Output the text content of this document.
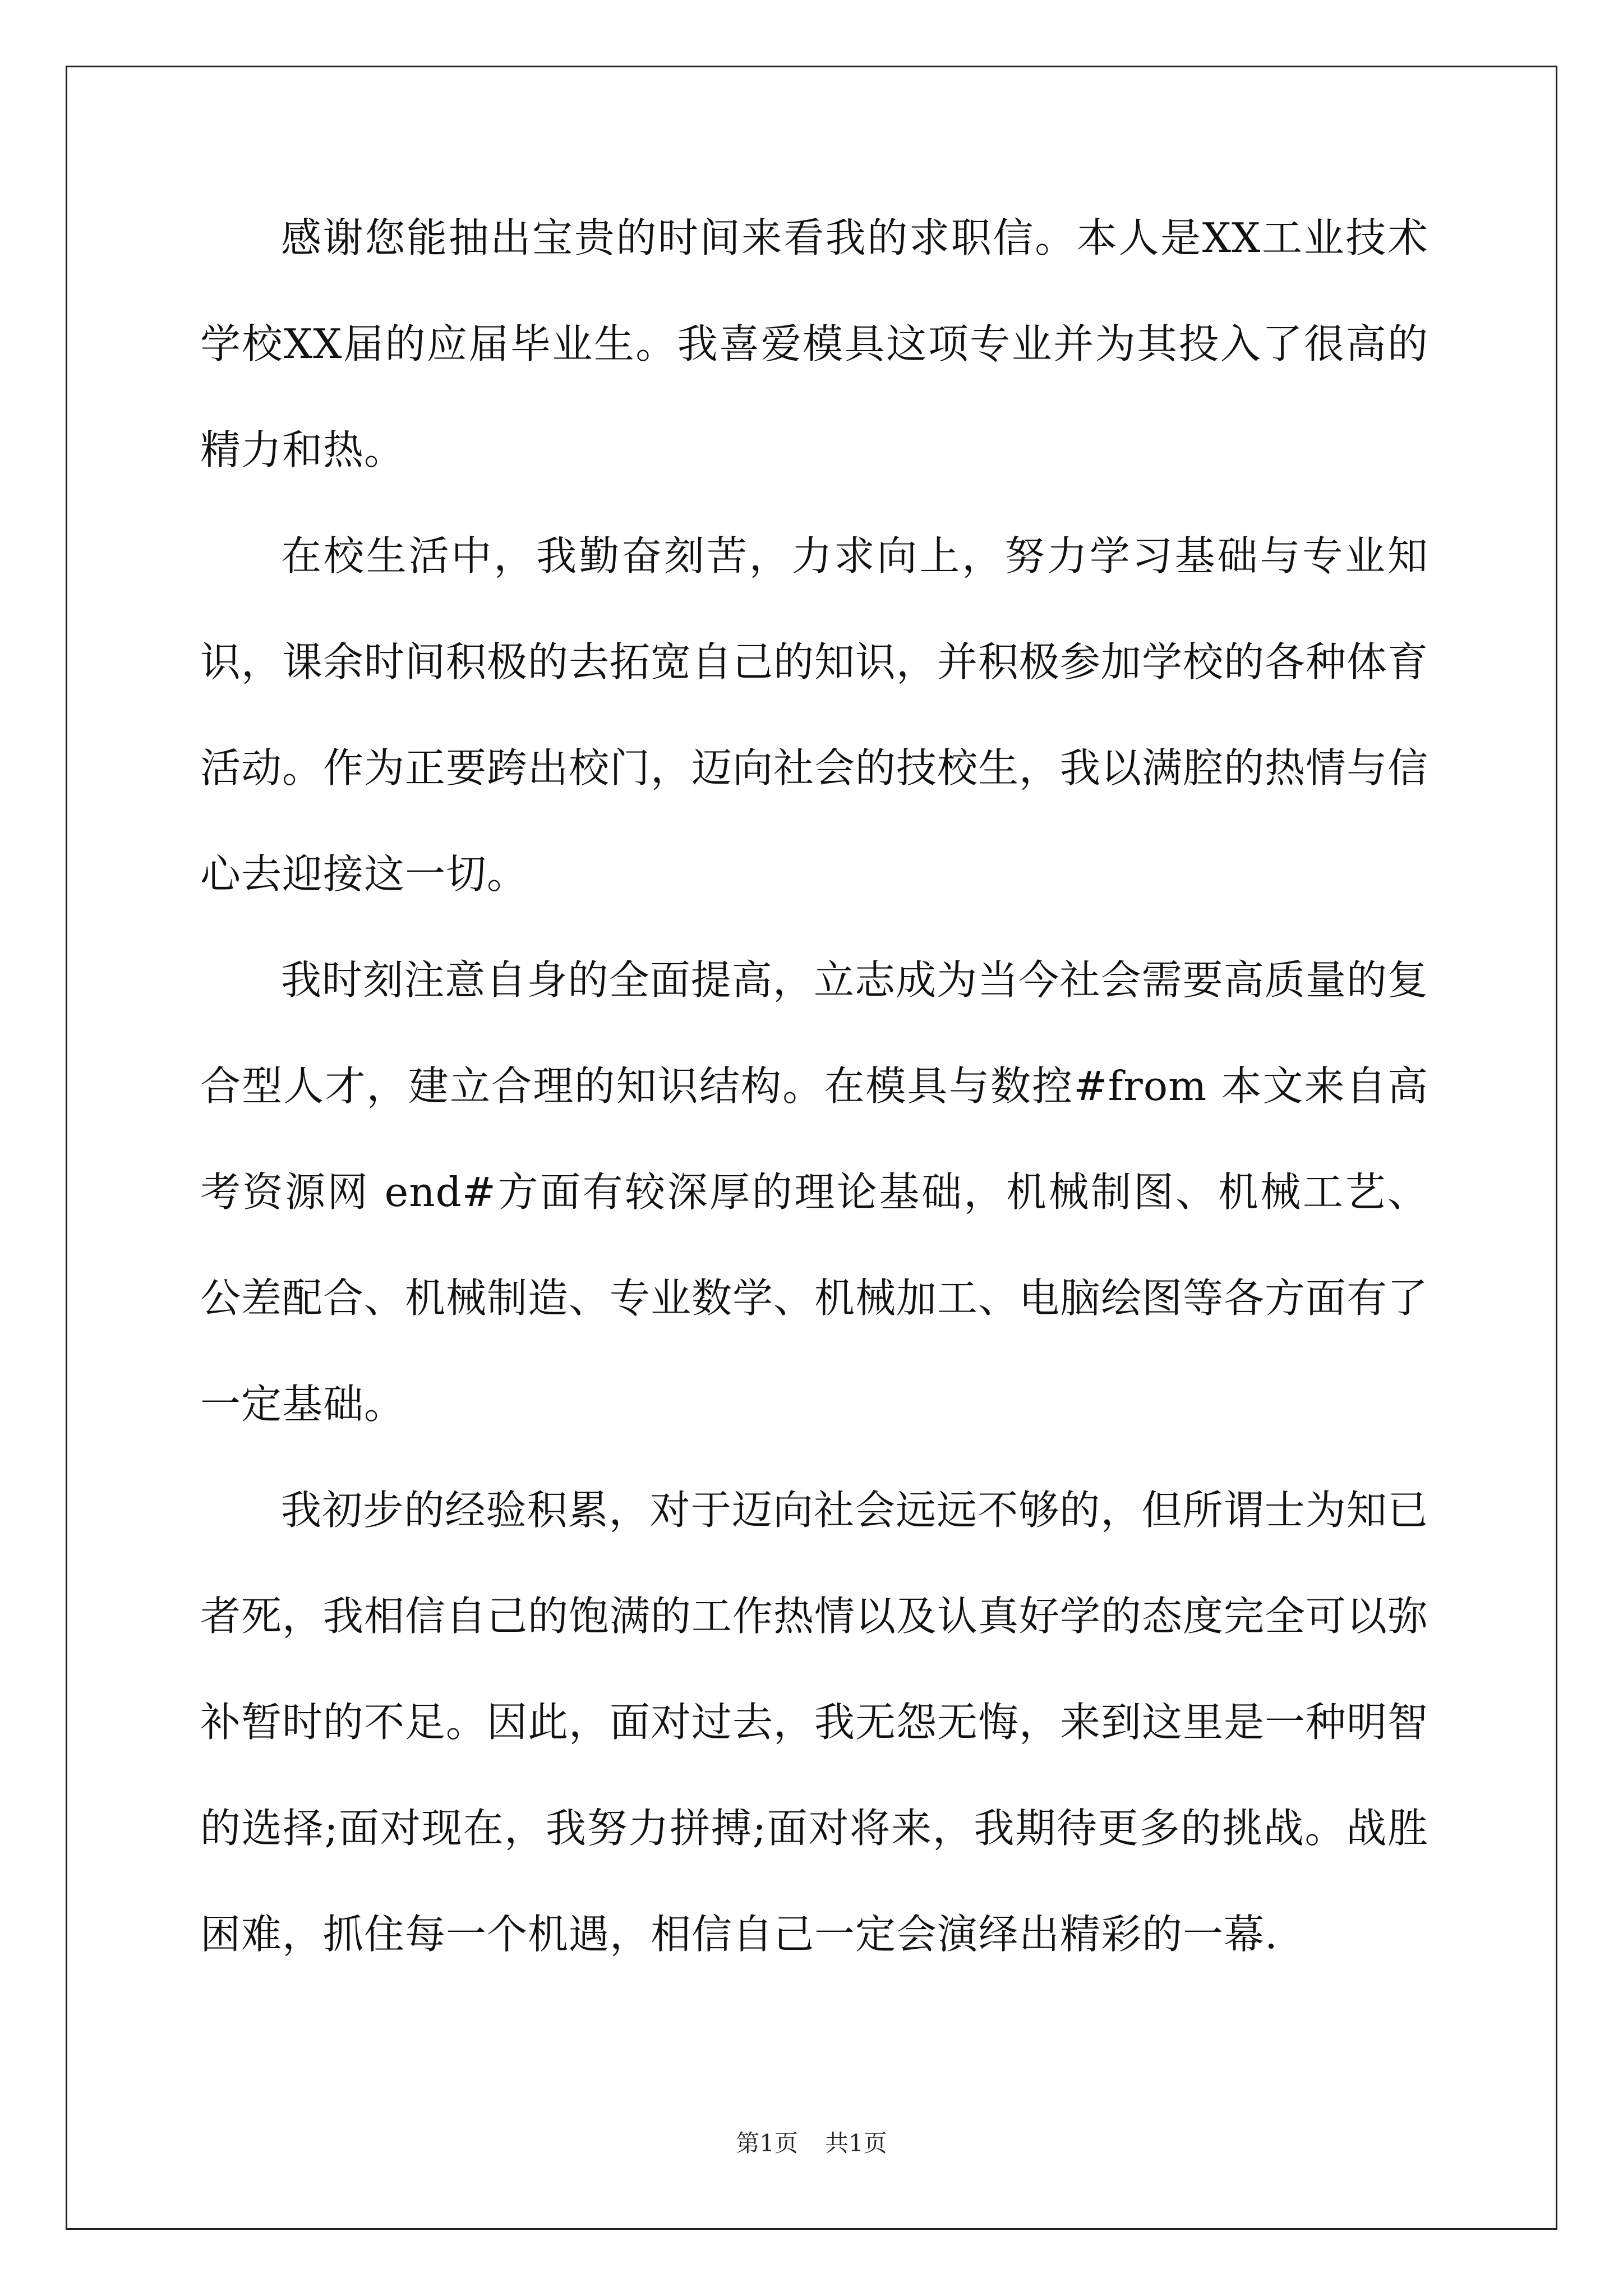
感谢您能抽出宝贵的时间来看我的求职信。本人是XX工业技术学校XX届的应届毕业生。我喜爱模具这项专业并为其投入了很高的精力和热。

在校生活中，我勤奋刻苦，力求向上，努力学习基础与专业知识，课余时间积极的去拓宽自己的知识，并积极参加学校的各种体育活动。作为正要跨出校门，迈向社会的技校生，我以满腔的热情与信心去迎接这一切。

我时刻注意自身的全面提高，立志成为当今社会需要高质量的复合型人才，建立合理的知识结构。在模具与数控#from 本文来自高考资源网 end#方面有较深厚的理论基础，机械制图、机械工艺、公差配合、机械制造、专业数学、机械加工、电脑绘图等各方面有了一定基础。

我初步的经验积累，对于迈向社会远远不够的，但所谓士为知已者死，我相信自己的饱满的工作热情以及认真好学的态度完全可以弥补暂时的不足。因此，面对过去，我无怨无悔，来到这里是一种明智的选择;面对现在，我努力拼搏;面对将来，我期待更多的挑战。战胜困难，抓住每一个机遇，相信自己一定会演绎出精彩的一幕.

第1页 共1页
